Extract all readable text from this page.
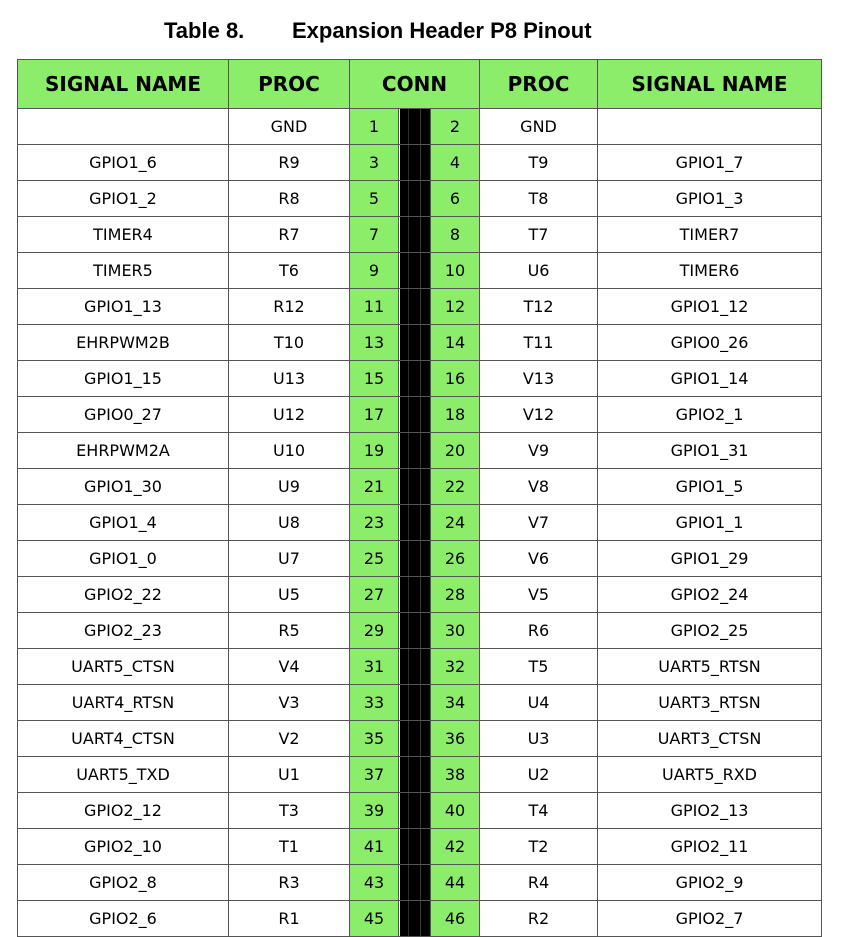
Table 8. Expansion Header P8 Pinout
SIGNAL NAME	PROC	CONN			PROC	SIGNAL NAME
	GND	1		2	GND	
GPIO1_6	R9	3		4	T9	GPIO1_7
GPIO1_2	R8	5		6	T8	GPIO1_3
TIMER4	R7	7		8	T7	TIMER7
TIMER5	T6	9		10	U6	TIMER6
GPIO1_13	R12	11		12	T12	GPIO1_12
EHRPWM2B	T10	13		14	T11	GPIO0_26
GPIO1_15	U13	15		16	V13	GPIO1_14
GPIO0_27	U12	17		18	V12	GPIO2_1
EHRPWM2A	U10	19		20	V9	GPIO1_31
GPIO1_30	U9	21		22	V8	GPIO1_5
GPIO1_4	U8	23		24	V7	GPIO1_1
GPIO1_0	U7	25		26	V6	GPIO1_29
GPIO2_22	U5	27		28	V5	GPIO2_24
GPIO2_23	R5	29		30	R6	GPIO2_25
UART5_CTSN	V4	31		32	T5	UART5_RTSN
UART4_RTSN	V3	33		34	U4	UART3_RTSN
UART4_CTSN	V2	35		36	U3	UART3_CTSN
UART5_TXD	U1	37		38	U2	UART5_RXD
GPIO2_12	T3	39		40	T4	GPIO2_13
GPIO2_10	T1	41		42	T2	GPIO2_11
GPIO2_8	R3	43		44	R4	GPIO2_9
GPIO2_6	R1	45		46	R2	GPIO2_7
